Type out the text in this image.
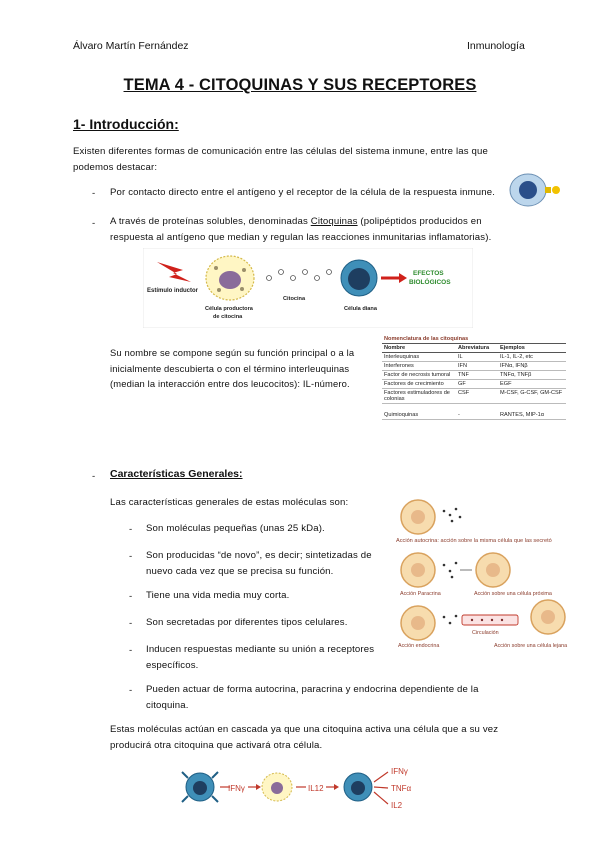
Álvaro Martín Fernández	Inmunología
TEMA 4 - CITOQUINAS Y SUS RECEPTORES
1- Introducción:
Existen diferentes formas de comunicación entre las células del sistema inmune, entre las que
podemos destacar:
- Por contacto directo entre el antígeno y el receptor de la célula de la respuesta inmune.
- A través de proteínas solubles, denominadas Citoquinas (polipéptidos producidos en
respuesta al antígeno que median y regulan las reacciones inmunitarias inflamatorias).
Estímulo inductor
Célula productora
de citocina
Citocina
Célula diana
EFECTOS
BIOLÓGICOS
Su nombre se compone según su función principal o a la
inicialmente descubierta o con el término interleuquinas
(median la interacción entre dos leucocitos): IL-número.
Nomenclatura de las citoquinas		
Nombre	Abreviatura	Ejemplos
Interleuquinas	IL	IL-1, IL-2, etc
Interferones	IFN	IFNα, IFNβ
Factor de necrosis tumoral	TNF	TNFα, TNFβ
Factores de crecimiento	GF	EGF
Factores estimuladores de colonias	CSF	M-CSF, G-CSF, GM-CSF
Quimioquinas	-	RANTES, MIP-1α
- Características Generales:
Las características generales de estas moléculas son:
- Son moléculas pequeñas (unas 25 kDa).
- Son producidas “de novo”, es decir; sintetizadas de
nuevo cada vez que se precisa su función.
- Tiene una vida media muy corta.
- Son secretadas por diferentes tipos celulares.
- Inducen respuestas mediante su unión a receptores
específicos.
- Pueden actuar de forma autocrina, paracrina y endocrina dependiente de la
citoquina.
Acción autocrina: acción sobre la misma célula que las secretó
Acción Paracrina	Acción sobre una célula próxima
Circulación
Acción endocrina	Acción sobre una célula lejana
Estas moléculas actúan en cascada ya que una citoquina activa una célula que a su vez
producirá otra citoquina que activará otra célula.
IFNγ	IL12
IFNγ
TNFα
IL2
